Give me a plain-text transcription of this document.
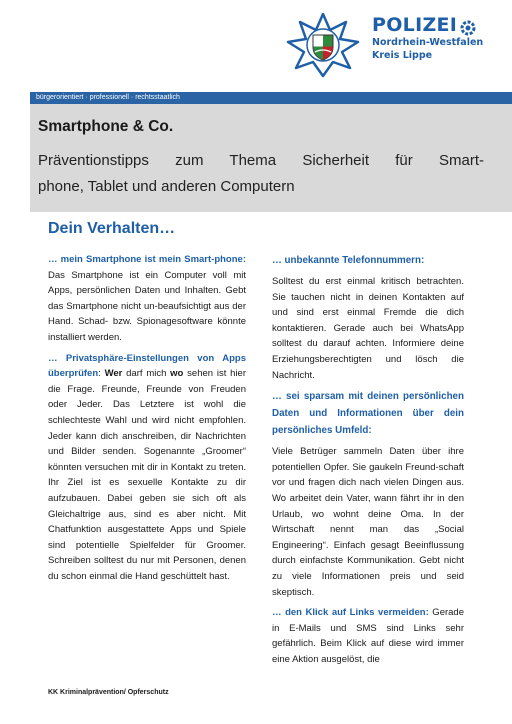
POLIZEI
Nordrhein-Westfalen
Kreis Lippe
bürgerorientiert · professionell · rechtsstaatlich
Smartphone & Co.
Präventionstipps zum Thema Sicherheit für Smart-
phone, Tablet und anderen Computern
Dein Verhalten…
… mein Smartphone ist mein Smart-phone: Das Smartphone ist ein Computer voll mit Apps, persönlichen Daten und Inhalten. Gebt das Smartphone nicht un-beaufsichtigt aus der Hand. Schad- bzw. Spionagesoftware könnte installiert werden.
… Privatsphäre-Einstellungen von Apps überprüfen: Wer darf mich wo sehen ist hier die Frage. Freunde, Freunde von Freuden oder Jeder. Das Letztere ist wohl die schlechteste Wahl und wird nicht empfohlen. Jeder kann dich anschreiben, dir Nachrichten und Bilder senden. Sogenannte „Groomer“ könnten versuchen mit dir in Kontakt zu treten. Ihr Ziel ist es sexuelle Kontakte zu dir aufzubauen. Dabei geben sie sich oft als Gleichaltrige aus, sind es aber nicht. Mit Chatfunktion ausgestattete Apps und Spiele sind potentielle Spielfelder für Groomer. Schreiben solltest du nur mit Personen, denen du schon einmal die Hand geschüttelt hast.
… unbekannte Telefonnummern:
Solltest du erst einmal kritisch betrachten. Sie tauchen nicht in deinen Kontakten auf und sind erst einmal Fremde die dich kontaktieren. Gerade auch bei WhatsApp solltest du darauf achten. Informiere deine Erziehungsberechtigten und lösch die Nachricht.
… sei sparsam mit deinen persönlichen Daten und Informationen über dein persönliches Umfeld:
Viele Betrüger sammeln Daten über ihre potentiellen Opfer. Sie gaukeln Freund-schaft vor und fragen dich nach vielen Dingen aus. Wo arbeitet dein Vater, wann fährt ihr in den Urlaub, wo wohnt deine Oma. In der Wirtschaft nennt man das „Social Engineering“. Einfach gesagt Beeinflussung durch einfachste Kommunikation. Gebt nicht zu viele Informationen preis und seid skeptisch.
… den Klick auf Links vermeiden: Gerade in E-Mails und SMS sind Links sehr gefährlich. Beim Klick auf diese wird immer eine Aktion ausgelöst, die
KK Kriminalprävention/ Opferschutz
